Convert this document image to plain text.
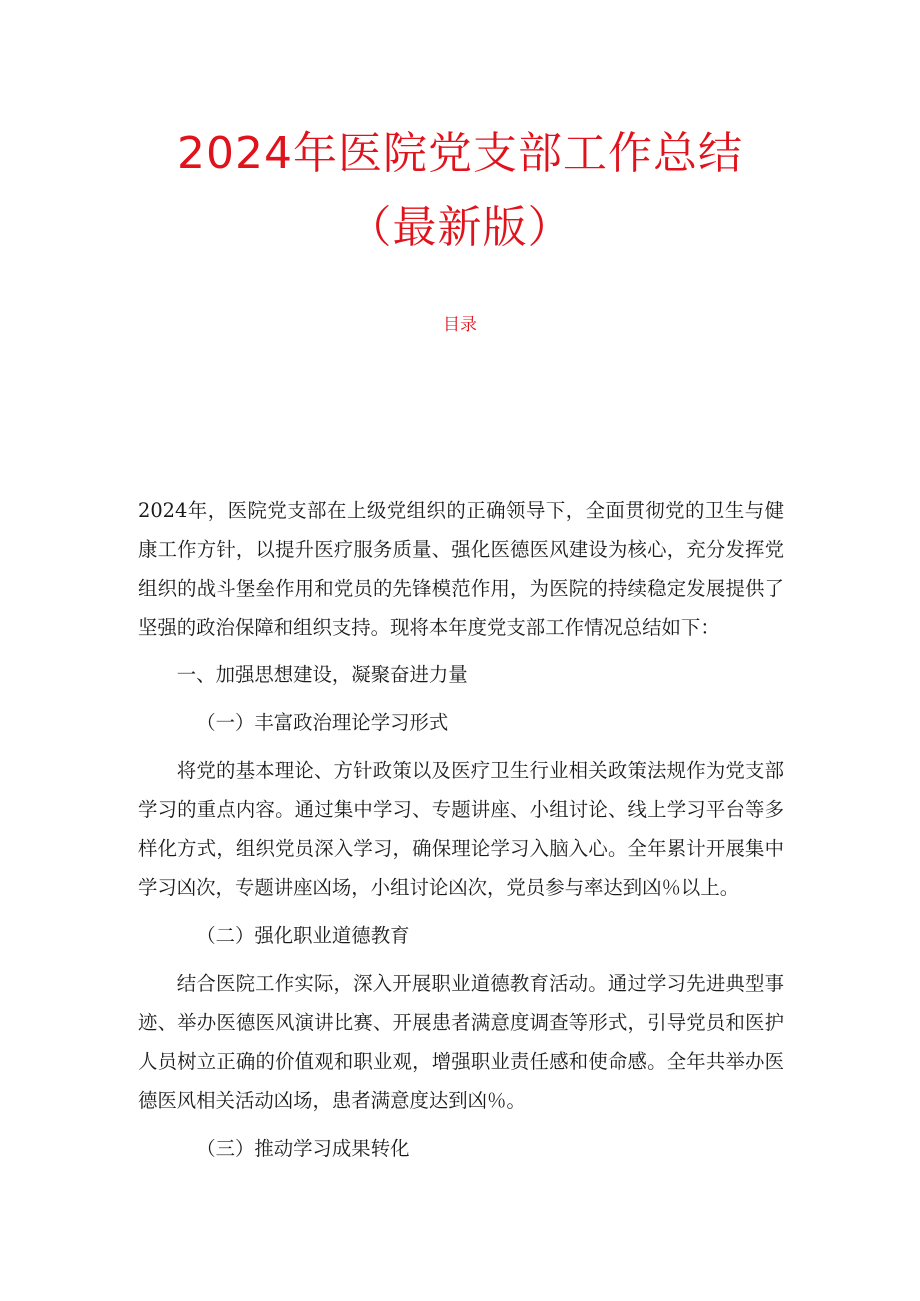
2024年医院党支部工作总结
（最新版）
目录

2024年，医院党支部在上级党组织的正确领导下，全面贯彻党的卫生与健康工作方针，以提升医疗服务质量、强化医德医风建设为核心，充分发挥党组织的战斗堡垒作用和党员的先锋模范作用，为医院的持续稳定发展提供了坚强的政治保障和组织支持。现将本年度党支部工作情况总结如下：

一、加强思想建设，凝聚奋进力量

（一）丰富政治理论学习形式

将党的基本理论、方针政策以及医疗卫生行业相关政策法规作为党支部学习的重点内容。通过集中学习、专题讲座、小组讨论、线上学习平台等多样化方式，组织党员深入学习，确保理论学习入脑入心。全年累计开展集中学习凶次，专题讲座凶场，小组讨论凶次，党员参与率达到凶％以上。

（二）强化职业道德教育

结合医院工作实际，深入开展职业道德教育活动。通过学习先进典型事迹、举办医德医风演讲比赛、开展患者满意度调查等形式，引导党员和医护人员树立正确的价值观和职业观，增强职业责任感和使命感。全年共举办医德医风相关活动凶场，患者满意度达到凶％。

（三）推动学习成果转化
